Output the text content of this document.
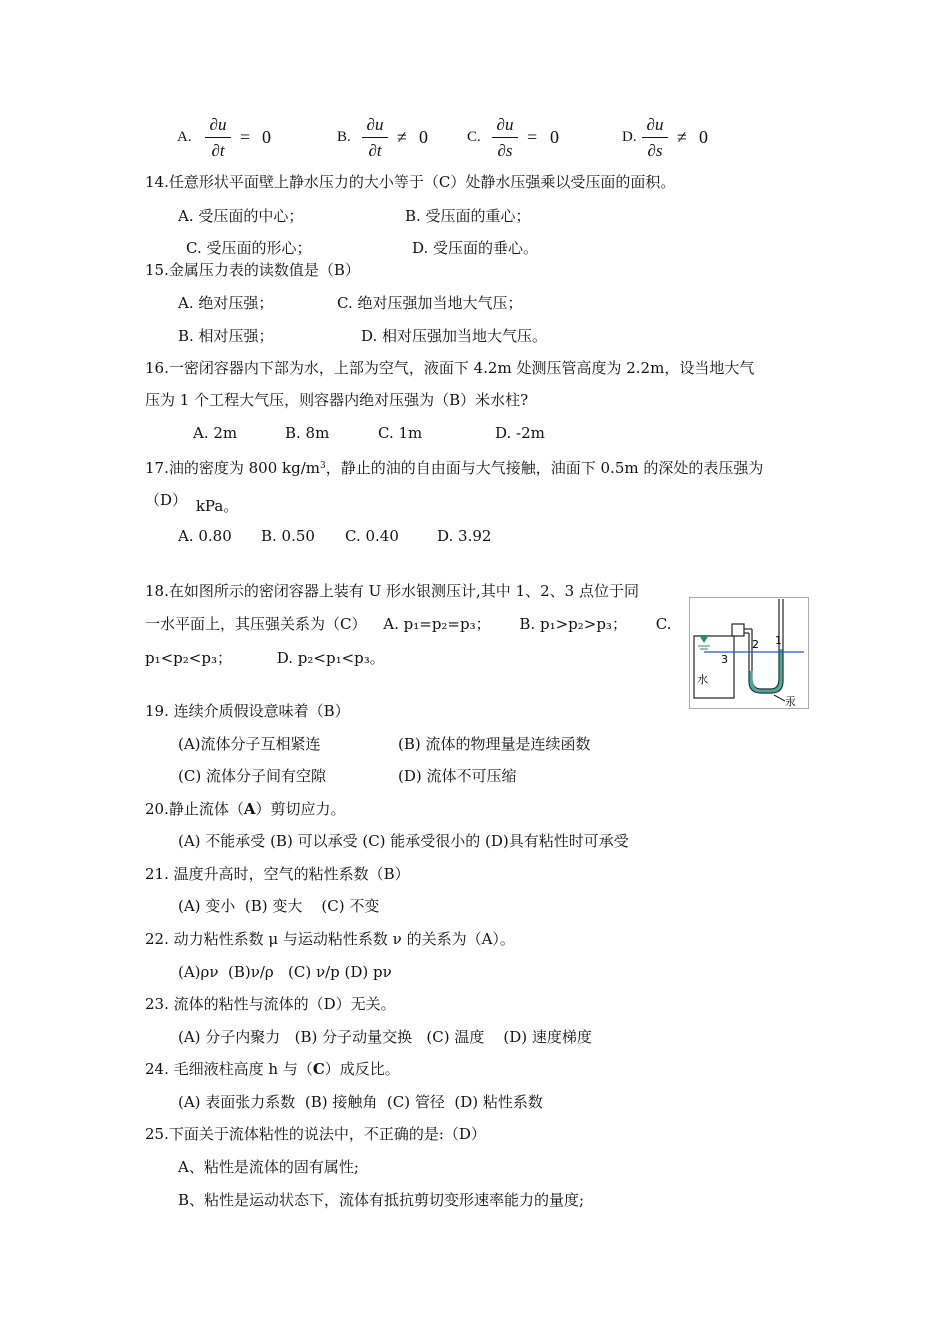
A.
∂u
∂t
= 0	B.
∂u
∂t
≠ 0	C.
∂u
∂s
= 0	D.
∂u
∂s
≠ 0
14.任意形状平面壁上静水压力的大小等于（C）处静水压强乘以受压面的面积。
A. 受压面的中心；	B. 受压面的重心；
C. 受压面的形心；	D. 受压面的垂心。
15.金属压力表的读数值是（B）
A. 绝对压强；	C. 绝对压强加当地大气压；
B. 相对压强；	D. 相对压强加当地大气压。
16.一密闭容器内下部为水，上部为空气，液面下 4.2m 处测压管高度为 2.2m，设当地大气
压为 1 个工程大气压，则容器内绝对压强为（B）米水柱?
A. 2m	B. 8m	C. 1m	D. -2m
17.油的密度为 800 $kg/m^3$，静止的油的自由面与大气接触，油面下 0.5m 的深处的表压强为
（D） kPa。
A. 0.80 B. 0.50 C. 0.40	D. 3.92
18.在如图所示的密闭容器上装有 U 形水银测压计,其中 1、2、3 点位于同
一水平面上，其压强关系为（C） A. p₁=p₂=p₃； B. p₁>p₂>p₃； C.
p₁<p₂<p₃；	D. p₂<p₁<p₃。
水
3
2 1
汞
19. 连续介质假设意味着（B）
(A)流体分子互相紧连	(B) 流体的物理量是连续函数
(C) 流体分子间有空隙	(D) 流体不可压缩
20.静止流体（A）剪切应力。
(A) 不能承受 (B) 可以承受 (C) 能承受很小的 (D)具有粘性时可承受
21. 温度升高时，空气的粘性系数（B）
(A) 变小  (B) 变大    (C) 不变
22. 动力粘性系数 μ 与运动粘性系数 ν 的关系为（A）。
(A)ρν  (B)ν/ρ   (C) ν/p (D) pν
23. 流体的粘性与流体的（D）无关。
(A) 分子内聚力   (B) 分子动量交换   (C) 温度    (D) 速度梯度
24. 毛细液柱高度 h 与（C）成反比。
(A) 表面张力系数  (B) 接触角  (C) 管径  (D) 粘性系数
25.下面关于流体粘性的说法中，不正确的是:（D）
A、粘性是流体的固有属性;
B、粘性是运动状态下，流体有抵抗剪切变形速率能力的量度;
